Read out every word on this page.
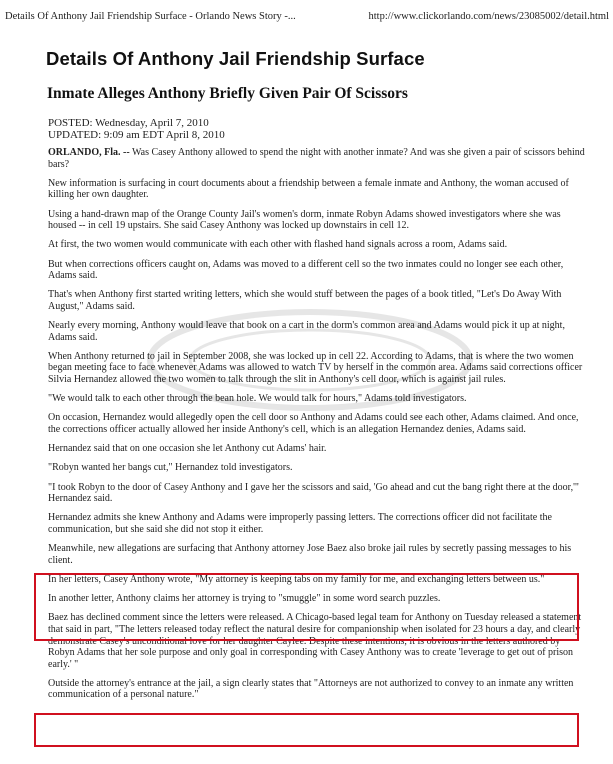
Details Of Anthony Jail Friendship Surface - Orlando News Story -...	http://www.clickorlando.com/news/23085002/detail.html
Details Of Anthony Jail Friendship Surface
Inmate Alleges Anthony Briefly Given Pair Of Scissors
POSTED: Wednesday, April 7, 2010
UPDATED: 9:09 am EDT April 8, 2010

ORLANDO, Fla. -- Was Casey Anthony allowed to spend the night with another inmate? And was she given a pair of scissors behind bars?

New information is surfacing in court documents about a friendship between a female inmate and Anthony, the woman accused of killing her own daughter.

Using a hand-drawn map of the Orange County Jail's women's dorm, inmate Robyn Adams showed investigators where she was housed -- in cell 19 upstairs. She said Casey Anthony was locked up downstairs in cell 12.

At first, the two women would communicate with each other with flashed hand signals across a room, Adams said.

But when corrections officers caught on, Adams was moved to a different cell so the two inmates could no longer see each other, Adams said.

That's when Anthony first started writing letters, which she would stuff between the pages of a book titled, "Let's Do Away With August," Adams said.

Nearly every morning, Anthony would leave that book on a cart in the dorm's common area and Adams would pick it up at night, Adams said.

When Anthony returned to jail in September 2008, she was locked up in cell 22. According to Adams, that is where the two women began meeting face to face whenever Adams was allowed to watch TV by herself in the common area. Adams said corrections officer Silvia Hernandez allowed the two women to talk through the slit in Anthony's cell door, which is against jail rules.

"We would talk to each other through the bean hole. We would talk for hours," Adams told investigators.

On occasion, Hernandez would allegedly open the cell door so Anthony and Adams could see each other, Adams claimed. And once, the corrections officer actually allowed her inside Anthony's cell, which is an allegation Hernandez denies, Adams said.

Hernandez said that on one occasion she let Anthony cut Adams' hair.

"Robyn wanted her bangs cut," Hernandez told investigators.

"I took Robyn to the door of Casey Anthony and I gave her the scissors and said, 'Go ahead and cut the bang right there at the door,'" Hernandez said.

Hernandez admits she knew Anthony and Adams were improperly passing letters. The corrections officer did not facilitate the communication, but she said she did not stop it either.

Meanwhile, new allegations are surfacing that Anthony attorney Jose Baez also broke jail rules by secretly passing messages to his client.

In her letters, Casey Anthony wrote, "My attorney is keeping tabs on my family for me, and exchanging letters between us."

In another letter, Anthony claims her attorney is trying to "smuggle" in some word search puzzles.

Baez has declined comment since the letters were released. A Chicago-based legal team for Anthony on Tuesday released a statement that said in part, "The letters released today reflect the natural desire for companionship when isolated for 23 hours a day, and clearly demonstrate Casey's unconditional love for her daughter Caylee. Despite these intentions, it is obvious in the letters authored by Robyn Adams that her sole purpose and only goal in corresponding with Casey Anthony was to create 'leverage to get out of prison early.' "

Outside the attorney's entrance at the jail, a sign clearly states that "Attorneys are not authorized to convey to an inmate any written communication of a personal nature."
